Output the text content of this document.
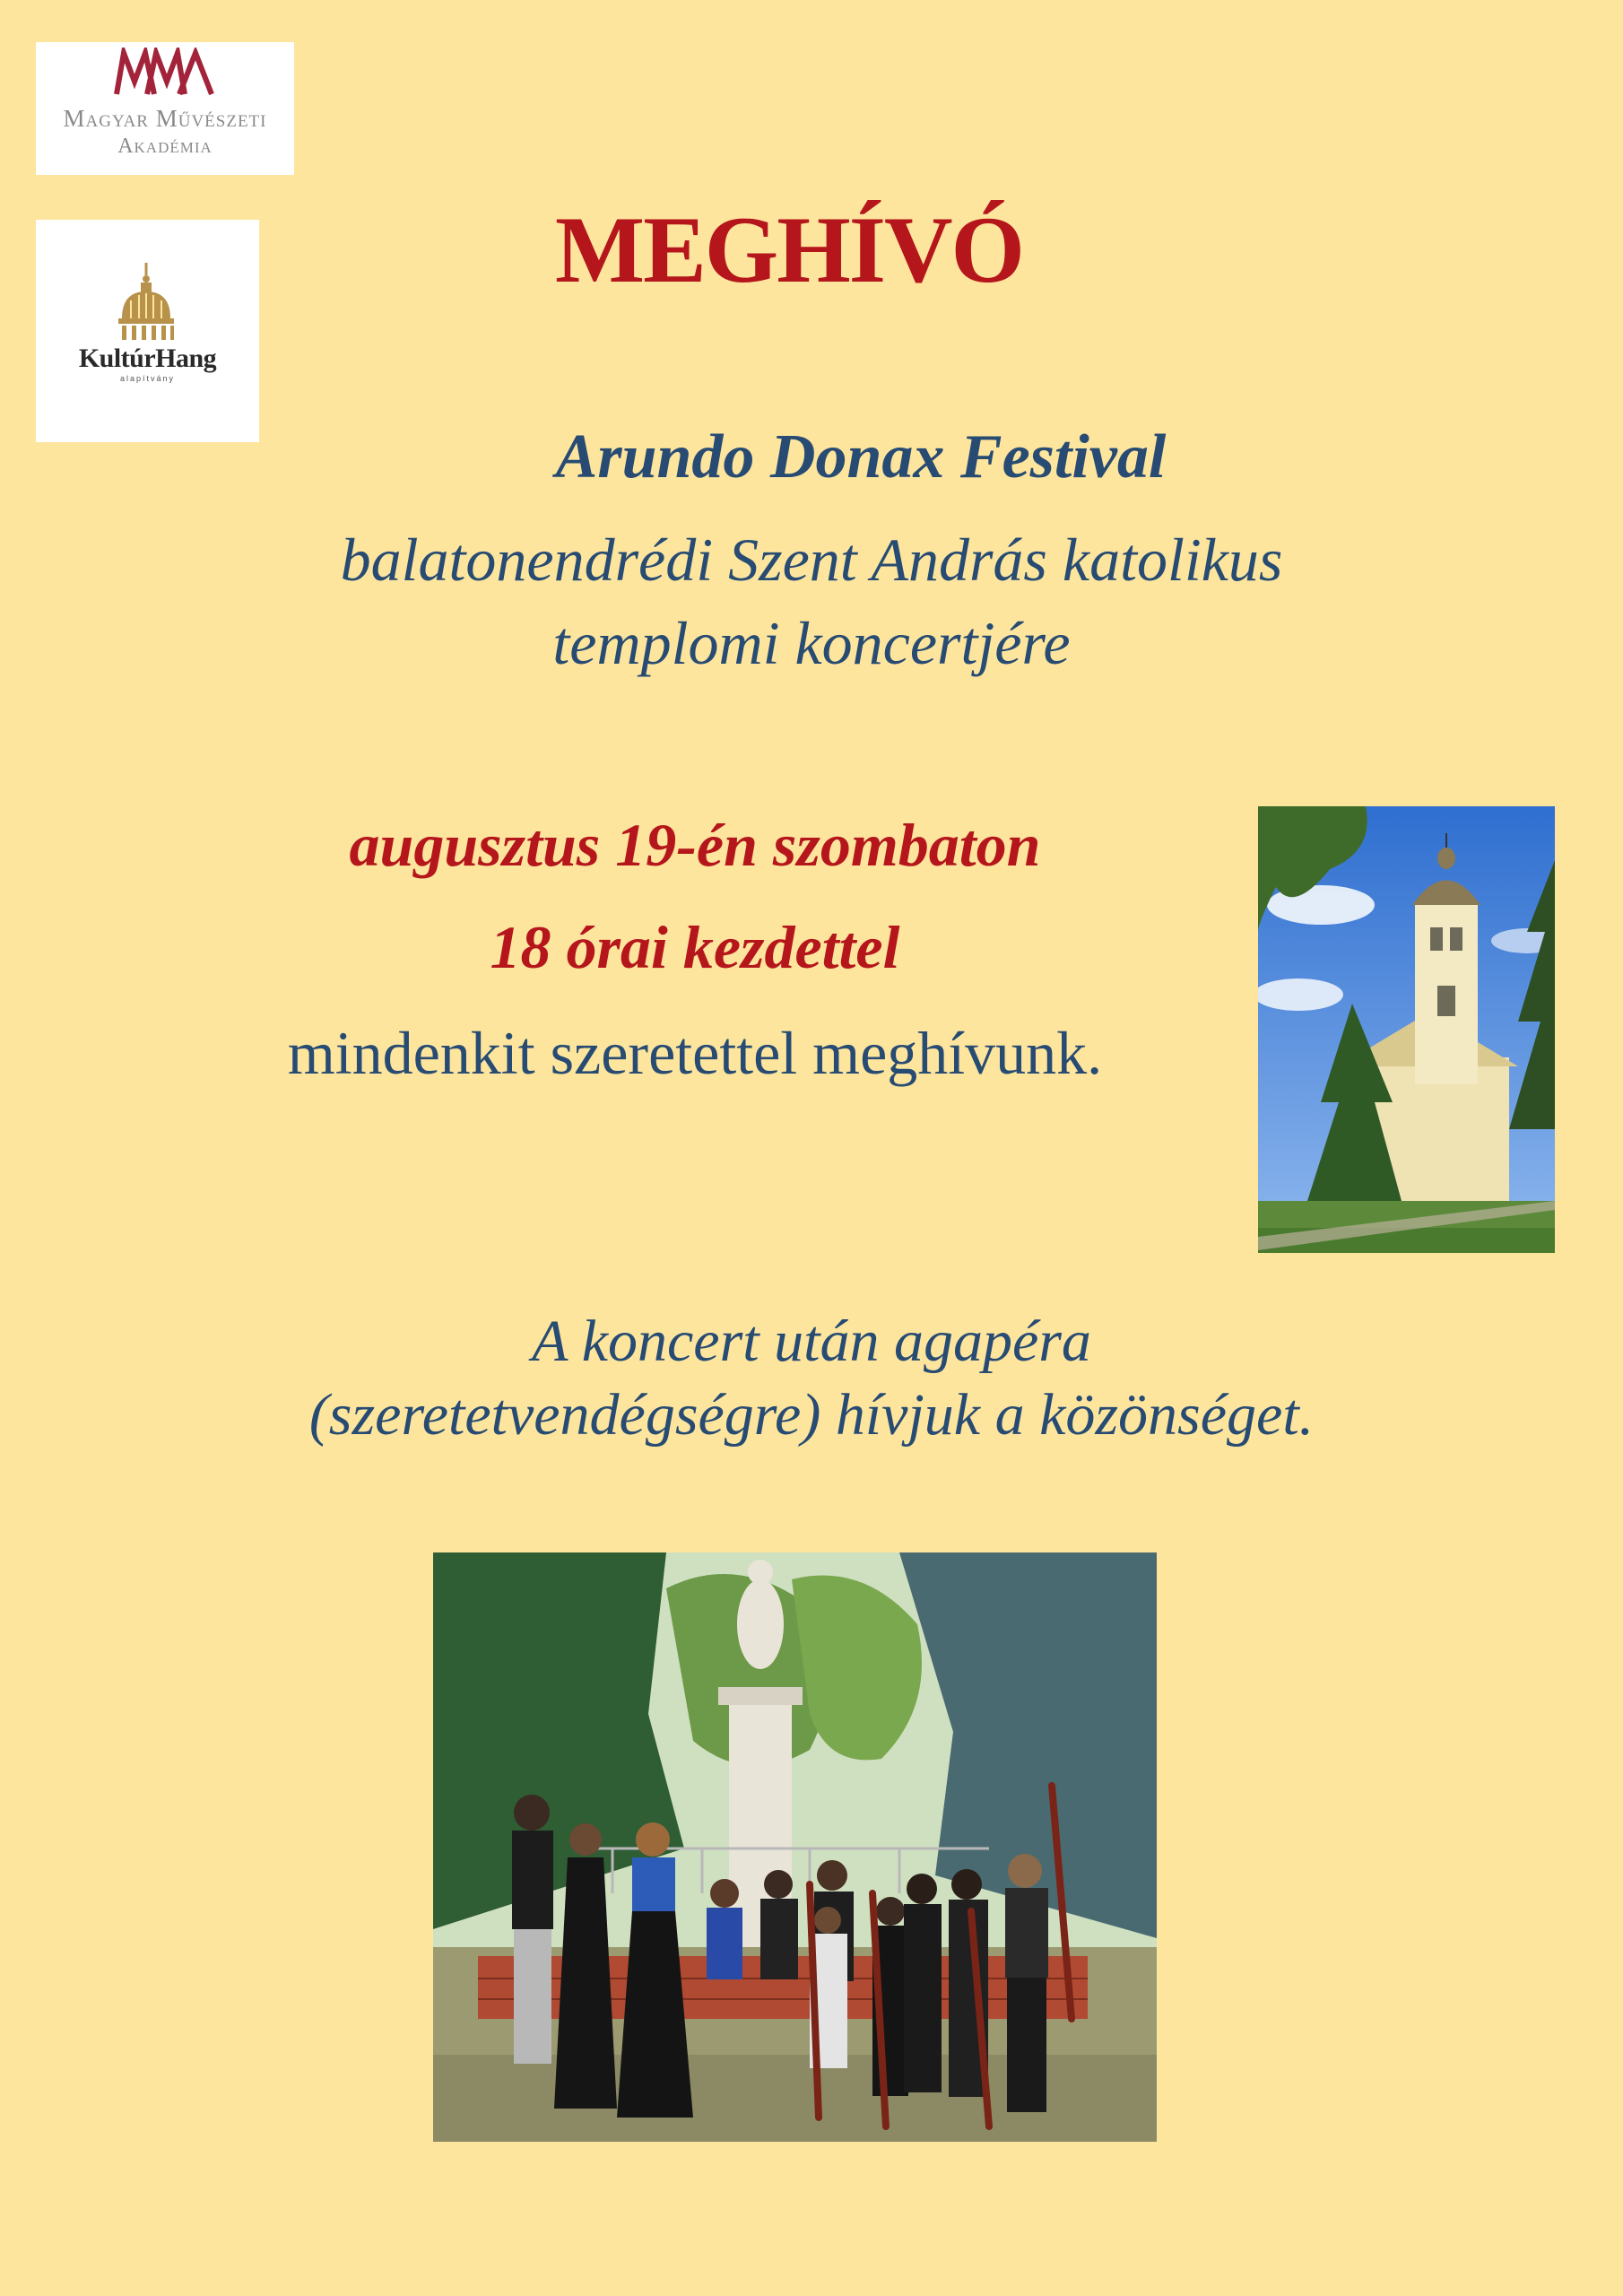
Magyar Művészeti
Akadémia
KultúrHang
alapítvány
MEGHÍVÓ
Arundo Donax Festival
balatonendrédi Szent András katolikus
templomi koncertjére
augusztus 19-én szombaton
18 órai kezdettel
mindenkit szeretettel meghívunk.
A koncert után agapéra
(szeretetvendégségre) hívjuk a közönséget.
